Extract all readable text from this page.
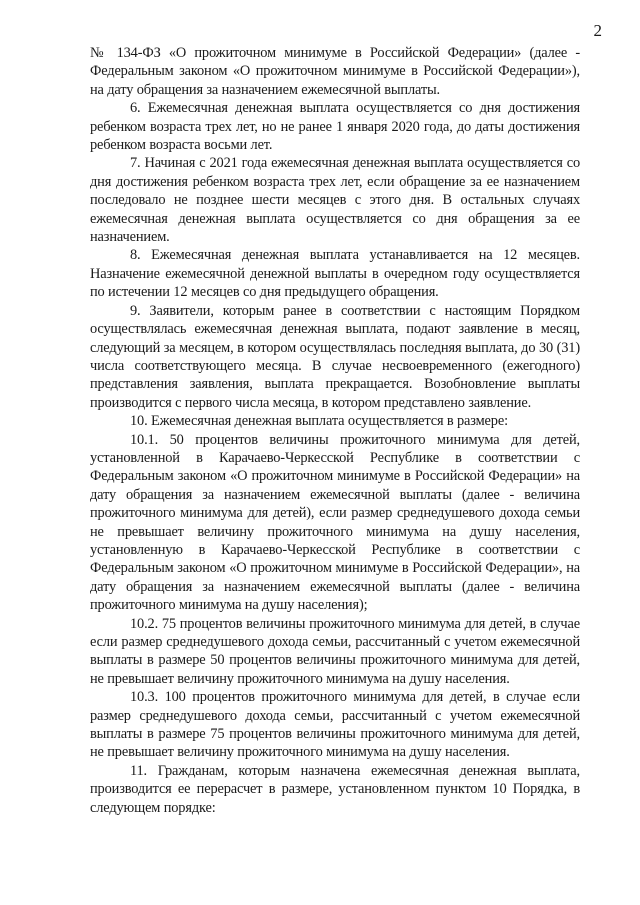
2

№ 134-ФЗ «О прожиточном минимуме в Российской Федерации» (далее - Федеральным законом «О прожиточном минимуме в Российской Федерации»), на дату обращения за назначением ежемесячной выплаты.

6. Ежемесячная денежная выплата осуществляется со дня достижения ребенком возраста трех лет, но не ранее 1 января 2020 года, до даты достижения ребенком возраста восьми лет.

7. Начиная с 2021 года ежемесячная денежная выплата осуществляется со дня достижения ребенком возраста трех лет, если обращение за ее назначением последовало не позднее шести месяцев с этого дня. В остальных случаях ежемесячная денежная выплата осуществляется со дня обращения за ее назначением.

8. Ежемесячная денежная выплата устанавливается на 12 месяцев. Назначение ежемесячной денежной выплаты в очередном году осуществляется по истечении 12 месяцев со дня предыдущего обращения.

9. Заявители, которым ранее в соответствии с настоящим Порядком осуществлялась ежемесячная денежная выплата, подают заявление в месяц, следующий за месяцем, в котором осуществлялась последняя выплата, до 30 (31) числа соответствующего месяца. В случае несвоевременного (ежегодного) представления заявления, выплата прекращается. Возобновление выплаты производится с первого числа месяца, в котором представлено заявление.

10. Ежемесячная денежная выплата осуществляется в размере:

10.1. 50 процентов величины прожиточного минимума для детей, установленной в Карачаево-Черкесской Республике в соответствии с Федеральным законом «О прожиточном минимуме в Российской Федерации» на дату обращения за назначением ежемесячной выплаты (далее - величина прожиточного минимума для детей), если размер среднедушевого дохода семьи не превышает величину прожиточного минимума на душу населения, установленную в Карачаево-Черкесской Республике в соответствии с Федеральным законом «О прожиточном минимуме в Российской Федерации», на дату обращения за назначением ежемесячной выплаты (далее - величина прожиточного минимума на душу населения);

10.2. 75 процентов величины прожиточного минимума для детей, в случае если размер среднедушевого дохода семьи, рассчитанный с учетом ежемесячной выплаты в размере 50 процентов величины прожиточного минимума для детей, не превышает величину прожиточного минимума на душу населения.

10.3. 100 процентов прожиточного минимума для детей, в случае если размер среднедушевого дохода семьи, рассчитанный с учетом ежемесячной выплаты в размере 75 процентов величины прожиточного минимума для детей, не превышает величину прожиточного минимума на душу населения.

11. Гражданам, которым назначена ежемесячная денежная выплата, производится ее перерасчет в размере, установленном пунктом 10 Порядка, в следующем порядке:
